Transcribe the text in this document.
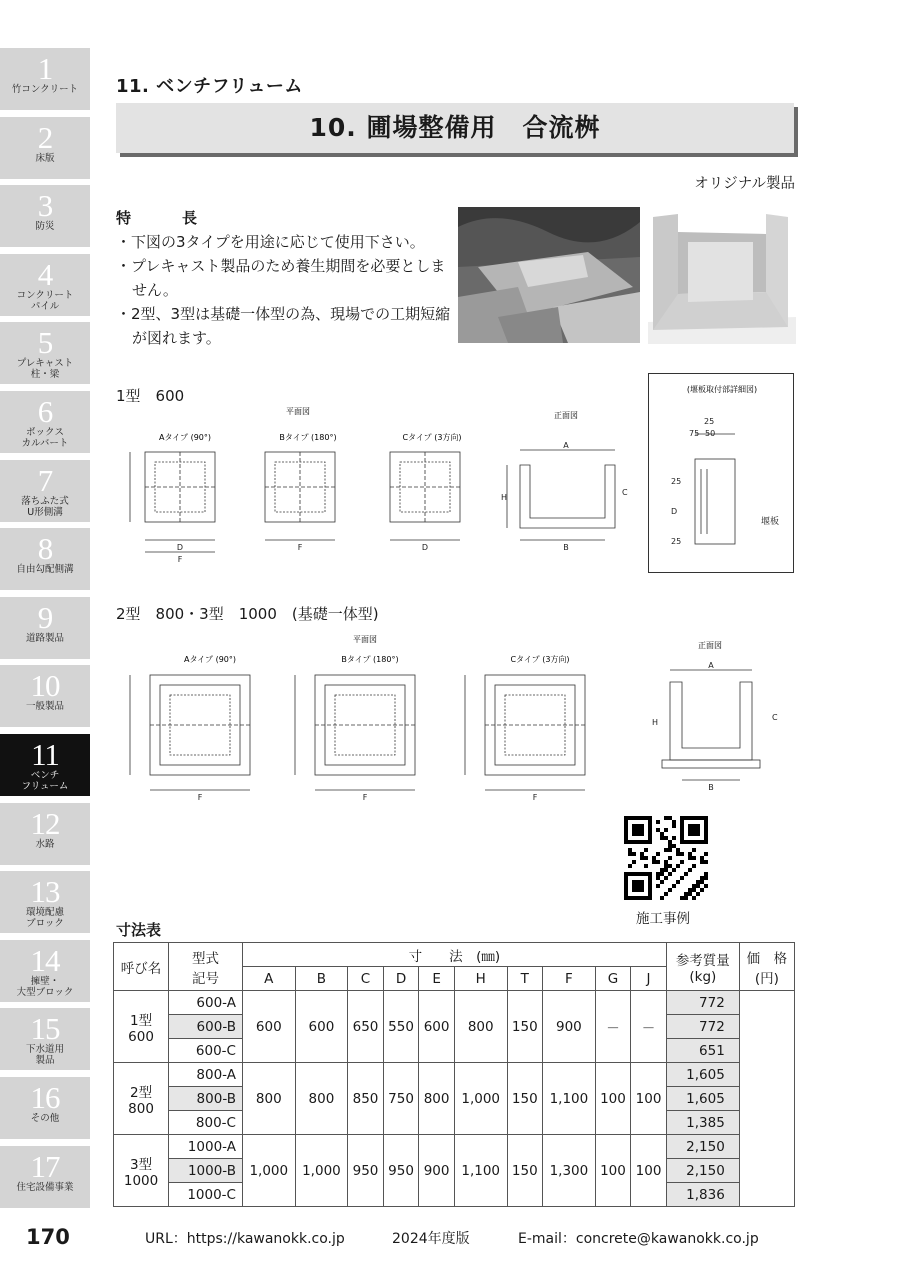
1
竹コンクリート
2
床版
3
防災
4
コンクリート
パイル
5
プレキャスト
柱・梁
6
ボックス
カルバート
7
落ちふた式
U形側溝
8
自由勾配側溝
9
道路製品
10
一般製品
11
ベンチ
フリューム
12
水路
13
環境配慮
ブロック
14
擁壁・
大型ブロック
15
下水道用
製品
16
その他
17
住宅設備事業
11. ベンチフリューム
10. 圃場整備用　合流桝
オリジナル製品
特　長
・下図の3タイプを用途に応じて使用下さい。
・プレキャスト製品のため養生期間を必要としません。
・2型、3型は基礎一体型の為、現場での工期短縮が図れます。
1型　600
平面図	正面図
Aタイプ (90°)	Bタイプ (180°)	Cタイプ (3方向)
D
F
F	D	B
A
H
C
(堰板取付部詳細図)
25
75 50
25
25
D
堰板
2型　800・3型　1000　(基礎一体型)
平面図
正面図
Aタイプ (90°)	Bタイプ (180°)	Cタイプ (3方向)
F	F	F
A
B
H
C
施工事例
寸法表
呼び名	型式
記号	寸　　法　(㎜)										参考質量
(kg)	価　格
(円)
		A	B	C	D	E	H	T	F	G	J		
1型
600	600-A	600	600	650	550	600	800	150	900	－	－	772	
	600-B											772	
	600-C											651	
2型
800	800-A	800	800	850	750	800	1,000	150	1,100	100	100	1,605	
	800-B											1,605	
	800-C											1,385	
3型
1000	1000-A	1,000	1,000	950	950	900	1,100	150	1,300	100	100	2,150	
	1000-B											2,150	
	1000-C											1,836	
170	URL：https://kawanokk.co.jp	2024年度版	E-mail：concrete@kawanokk.co.jp
